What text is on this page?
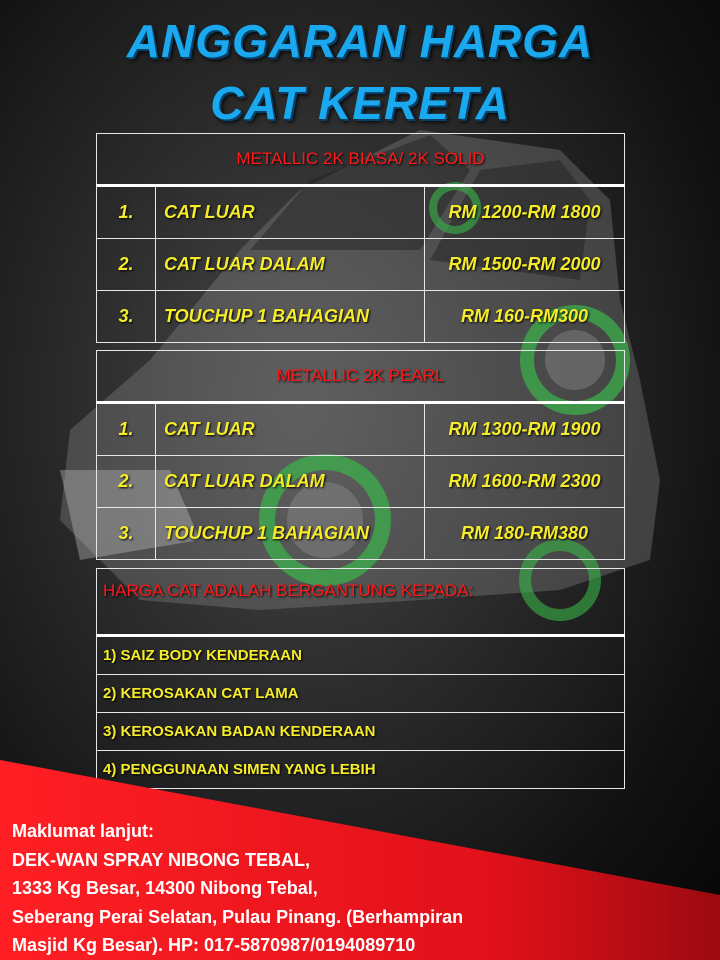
ANGGARAN HARGA
CAT KERETA
METALLIC 2K BIASA/ 2K SOLID		
1.	CAT LUAR	RM 1200-RM 1800
2.	CAT LUAR DALAM	RM 1500-RM 2000
3.	TOUCHUP 1 BAHAGIAN	RM 160-RM300
METALLIC 2K PEARL		
1.	CAT LUAR	RM 1300-RM 1900
2.	CAT LUAR DALAM	RM 1600-RM 2300
3.	TOUCHUP 1 BAHAGIAN	RM 180-RM380
HARGA CAT ADALAH BERGANTUNG KEPADA:
1) SAIZ BODY KENDERAAN
2) KEROSAKAN CAT LAMA
3) KEROSAKAN BADAN KENDERAAN
4) PENGGUNAAN SIMEN YANG LEBIH
Maklumat lanjut:
DEK-WAN SPRAY NIBONG TEBAL,
1333 Kg Besar, 14300 Nibong Tebal,
Seberang Perai Selatan, Pulau Pinang. (Berhampiran
Masjid Kg Besar). HP: 017-5870987/0194089710
